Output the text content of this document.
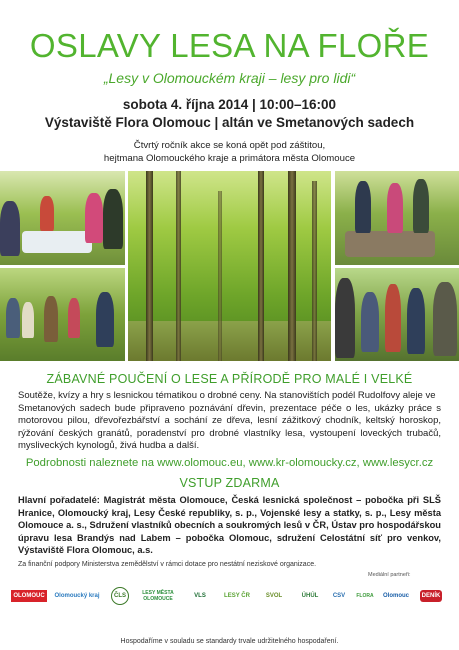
OSLAVY LESA NA FLOŘE
„Lesy v Olomouckém kraji – lesy pro lidi“
sobota 4. října 2014 | 10:00–16:00
Výstaviště Flora Olomouc | altán ve Smetanových sadech
Čtvrtý ročník akce se koná opět pod záštitou,
hejtmana Olomouckého kraje a primátora města Olomouce
ZÁBAVNÉ POUČENÍ O LESE A PŘÍRODĚ PRO MALÉ I VELKÉ
Soutěže, kvízy a hry s lesnickou tématikou o drobné ceny. Na stanovištích podél Rudolfovy aleje ve
Smetanových sadech bude připraveno poznávání dřevin, prezentace péče o les, ukázky práce s motorovou pilou, dřevořezbářství a sochání ze dřeva, lesní zážitkový chodník, keltský horoskop, rýžování českých granátů, poradenství pro drobné vlastníky lesa, vystoupení loveckých trubačů, mysliveckých kynologů, živá hudba a další.
Podrobnosti naleznete na www.olomouc.eu, www.kr-olomoucky.cz, www.lesycr.cz
VSTUP ZDARMA
Hlavní pořadatelé: Magistrát města Olomouce, Česká lesnická společnost – pobočka při SLŠ Hranice, Olomoucký kraj, Lesy České republiky, s. p., Vojenské lesy a statky, s. p., Lesy města Olomouce a. s., Sdružení vlastníků obecních a soukromých lesů v ČR, Ústav pro hospodářskou úpravu lesa Brandýs nad Labem – pobočka Olomouc, sdružení Celostátní síť pro venkov, Výstaviště Flora Olomouc, a.s.
Za finanční podpory Ministerstva zemědělství v rámci dotace pro nestátní neziskové organizace.
Mediální partneři:
OLOMOUC	Olomoucký kraj	ČLS	LESY MĚSTA OLOMOUCE	VLS	LESY ČR	SVOL	ÚHÚL CSV FLORA Olomouc	DENÍK
Hospodaříme v souladu se standardy trvale udržitelného hospodaření.
